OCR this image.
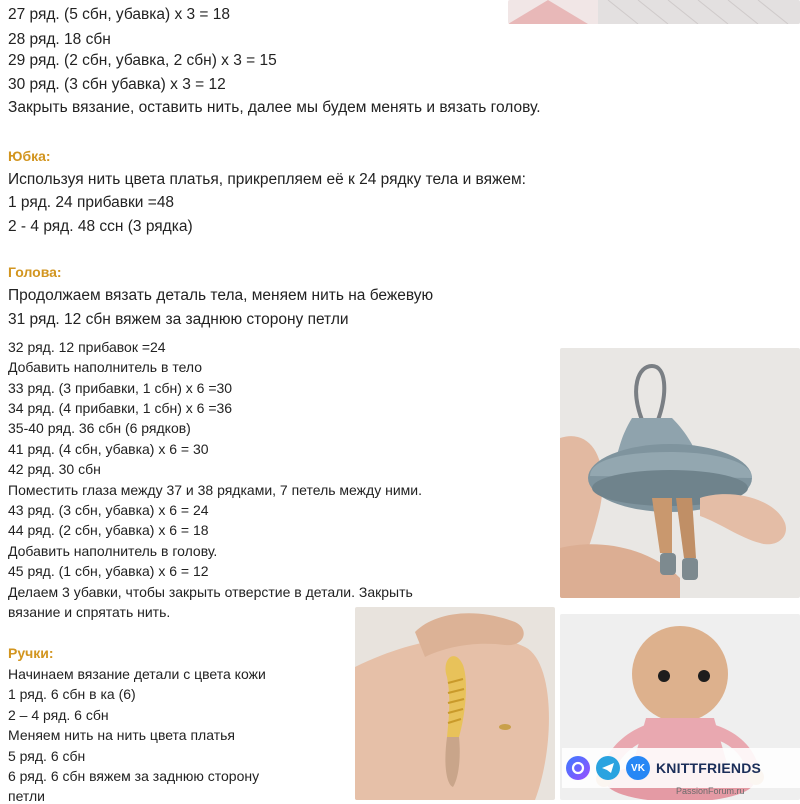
27 ряд. (5 сбн, убавка) х 3 = 18
28 ряд. 18 сбн
29 ряд. (2 сбн, убавка, 2 сбн) х 3 = 15
30 ряд. (3 сбн убавка) х 3 = 12
Закрыть вязание, оставить нить, далее мы будем менять и вязать голову.
Юбка:
Используя нить цвета платья, прикрепляем её к 24 рядку тела и вяжем:
1 ряд. 24 прибавки =48
2 - 4 ряд. 48 ссн (3 рядка)
Голова:
Продолжаем вязать деталь тела, меняем нить на бежевую
31 ряд. 12 сбн вяжем за заднюю сторону петли
32 ряд. 12 прибавок =24
Добавить наполнитель в тело
33 ряд. (3 прибавки, 1 сбн) х 6 =30
34 ряд. (4 прибавки, 1 сбн) х 6 =36
35-40 ряд. 36 сбн (6 рядков)
41 ряд. (4 сбн, убавка) х 6 = 30
42 ряд. 30 сбн
Поместить глаза между 37 и 38 рядками, 7 петель между ними.
43 ряд. (3 сбн, убавка) х 6 = 24
44 ряд. (2 сбн, убавка) х 6 = 18
Добавить наполнитель в голову.
45 ряд. (1 сбн, убавка) х 6 = 12
Делаем 3 убавки, чтобы закрыть отверстие в детали. Закрыть
вязание и спрятать нить.
Ручки:
Начинаем вязание детали с цвета кожи
1 ряд. 6 сбн в ка (6)
2 – 4 ряд. 6 сбн
Меняем нить на нить цвета платья
5 ряд. 6 сбн
6 ряд. 6 сбн вяжем за заднюю сторону
петли
VK KNITTFRIENDS
PassionForum.ru
